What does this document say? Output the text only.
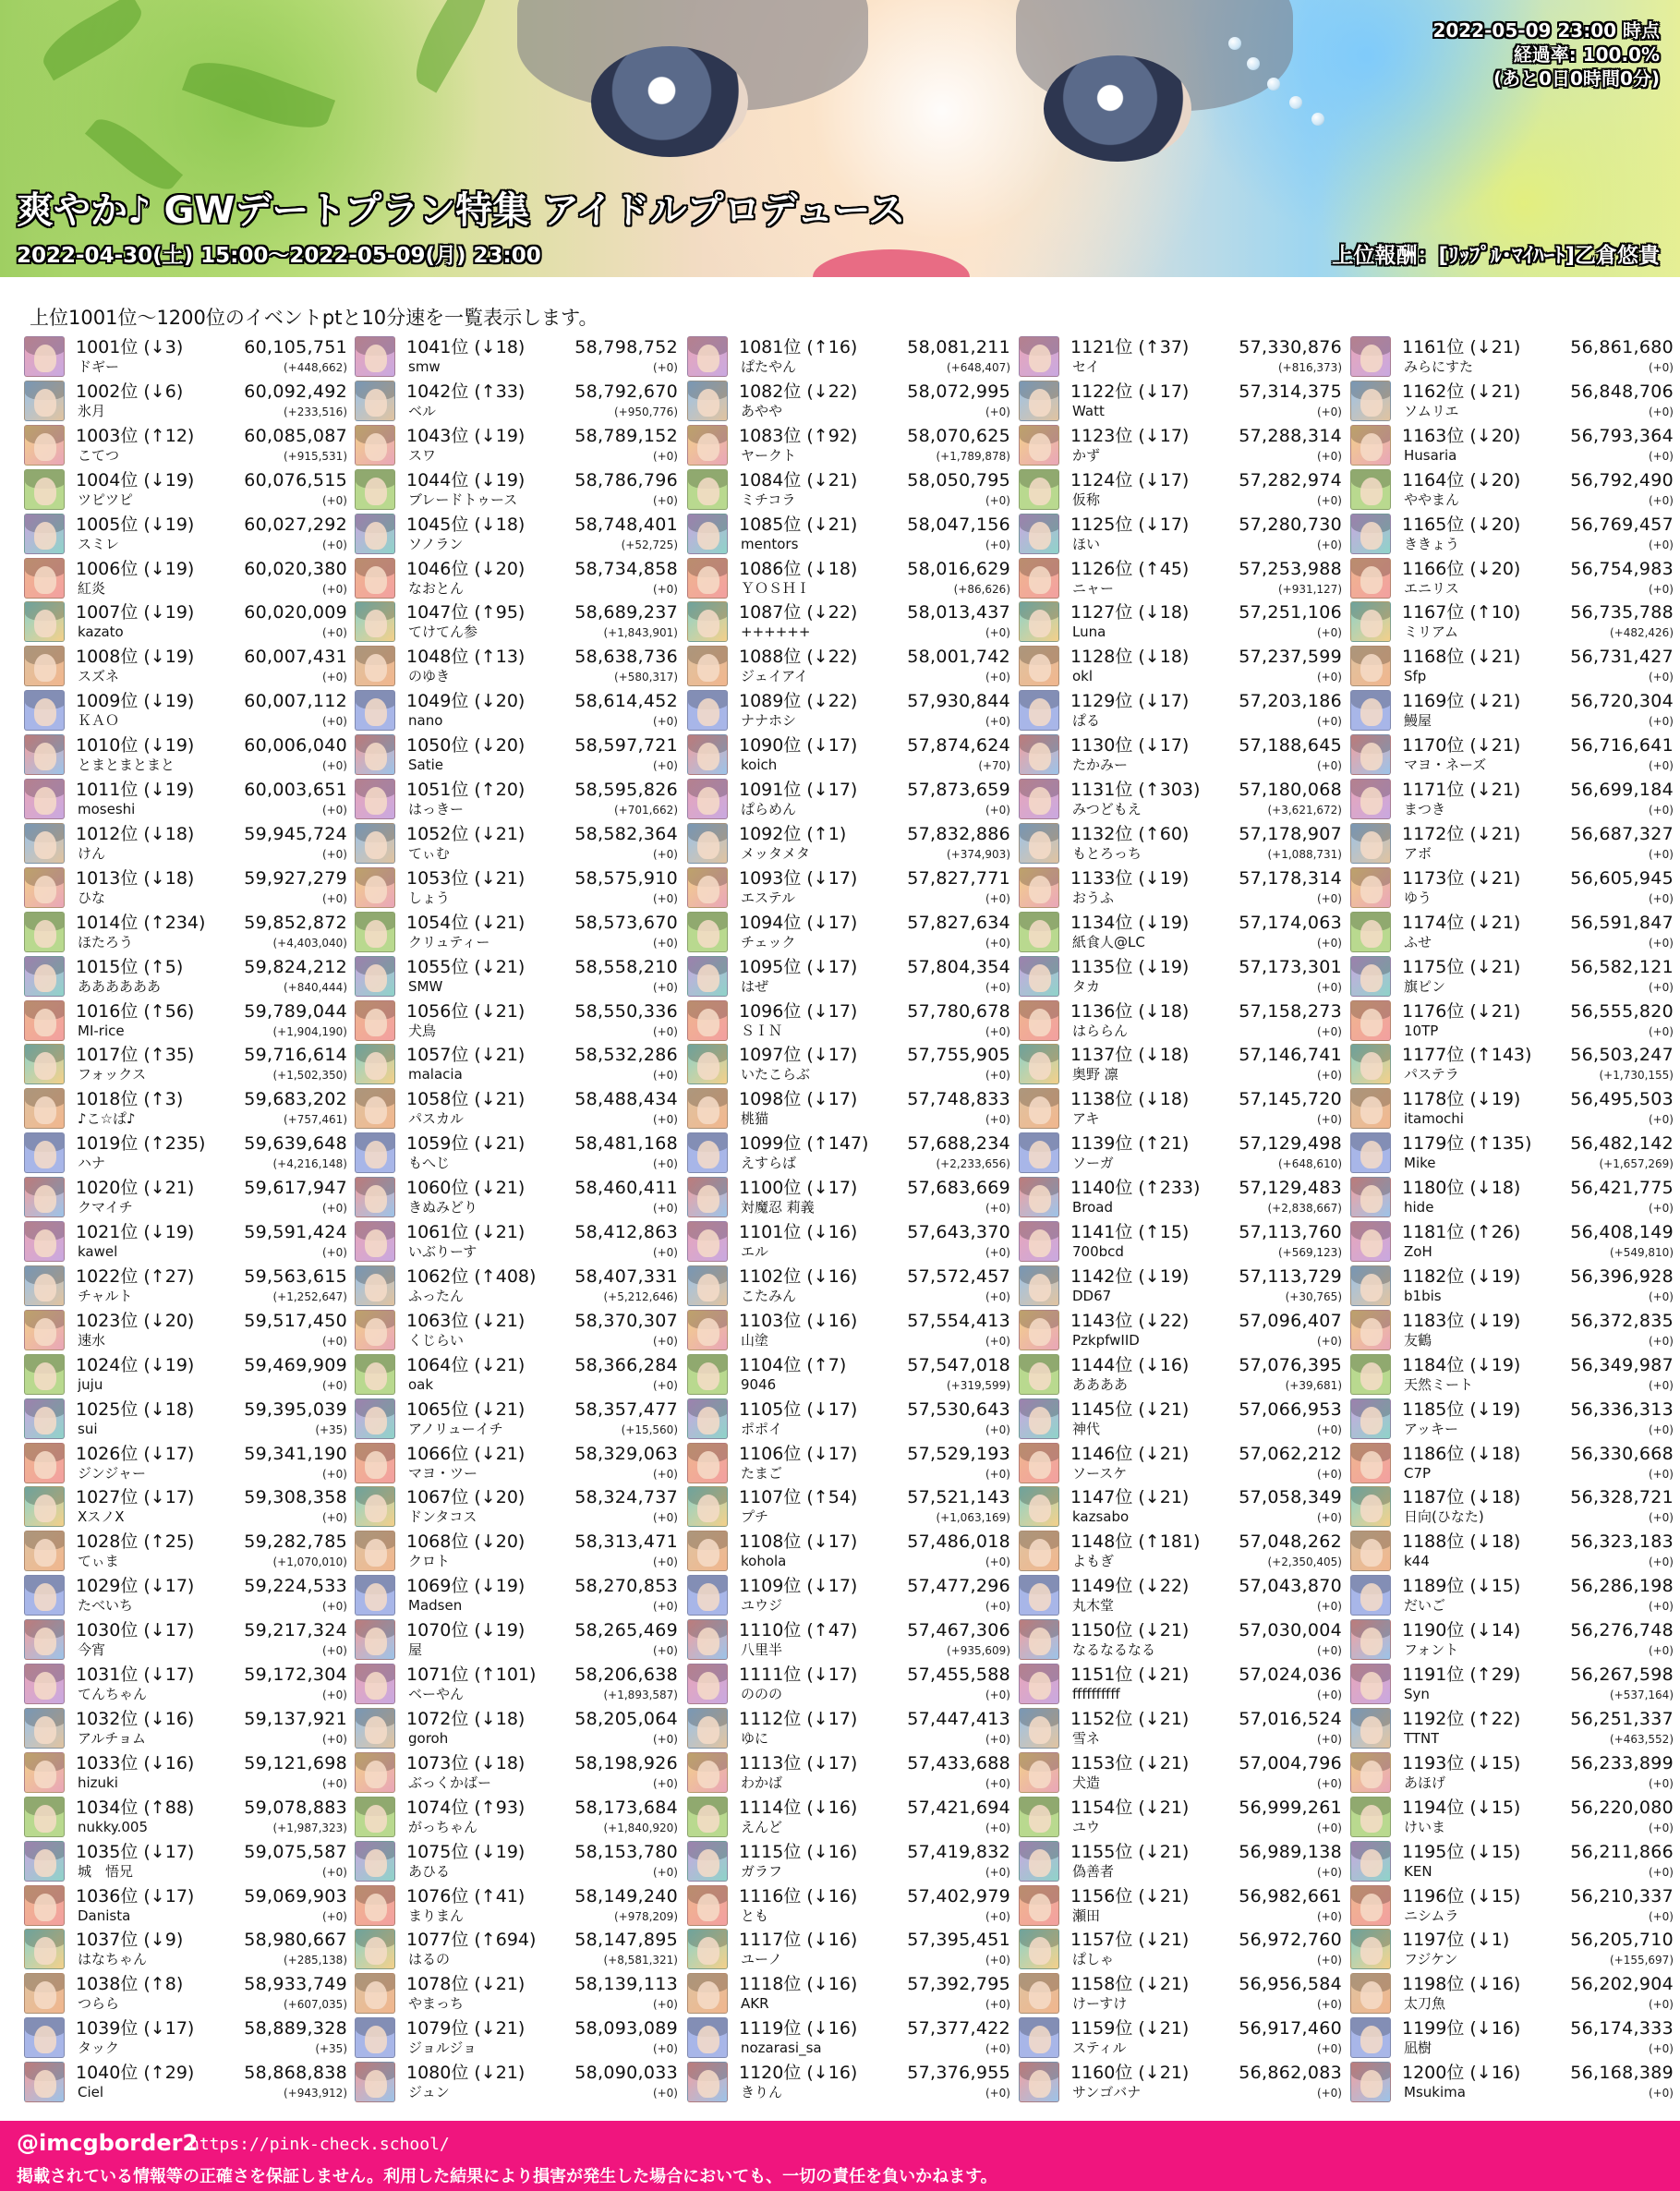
2022-05-09 23:00 時点
経過率: 100.0%
(あと0日0時間0分)
爽やか♪ GWデートプラン特集 アイドルプロデュース
2022-04-30(土) 15:00～2022-05-09(月) 23:00	上位報酬：[ﾘｯﾌﾟﾙ･ﾏｲﾊｰﾄ]乙倉悠貴
上位1001位～1200位のイベントptと10分速を一覧表示します。
1001位 (↓3)	60,105,751
ドギー	(+448,662)
1002位 (↓6)	60,092,492
氷月	(+233,516)
1003位 (↑12)	60,085,087
こてつ	(+915,531)
1004位 (↓19)	60,076,515
ツピツピ	(+0)
1005位 (↓19)	60,027,292
スミレ	(+0)
1006位 (↓19)	60,020,380
紅炎	(+0)
1007位 (↓19)	60,020,009
kazato	(+0)
1008位 (↓19)	60,007,431
スズネ	(+0)
1009位 (↓19)	60,007,112
ＫＡＯ	(+0)
1010位 (↓19)	60,006,040
とまとまとまと	(+0)
1011位 (↓19)	60,003,651
moseshi	(+0)
1012位 (↓18)	59,945,724
けん	(+0)
1013位 (↓18)	59,927,279
ひな	(+0)
1014位 (↑234) 59,852,872
ほたろう	(+4,403,040)
1015位 (↑5)	59,824,212
ああああああ	(+840,444)
1016位 (↑56)	59,789,044
MI-rice	(+1,904,190)
1017位 (↑35)	59,716,614
フォックス	(+1,502,350)
1018位 (↑3)	59,683,202
♪こ☆ぱ♪	(+757,461)
1019位 (↑235) 59,639,648
ハナ	(+4,216,148)
1020位 (↓21)	59,617,947
クマイチ	(+0)
1021位 (↓19)	59,591,424
kawel	(+0)
1022位 (↑27)	59,563,615
チャルト	(+1,252,647)
1023位 (↓20)	59,517,450
速水	(+0)
1024位 (↓19)	59,469,909
juju	(+0)
1025位 (↓18)	59,395,039
sui	(+35)
1026位 (↓17)	59,341,190
ジンジャー	(+0)
1027位 (↓17)	59,308,358
XスノX	(+0)
1028位 (↑25)	59,282,785
てぃま	(+1,070,010)
1029位 (↓17)	59,224,533
たべいち	(+0)
1030位 (↓17)	59,217,324
今宵	(+0)
1031位 (↓17)	59,172,304
てんちゃん	(+0)
1032位 (↓16)	59,137,921
アルチョム	(+0)
1033位 (↓16)	59,121,698
hizuki	(+0)
1034位 (↑88)	59,078,883
nukky.005	(+1,987,323)
1035位 (↓17)	59,075,587
城　悟兄	(+0)
1036位 (↓17)	59,069,903
Danista	(+0)
1037位 (↓9)	58,980,667
はなちゃん	(+285,138)
1038位 (↑8)	58,933,749
つらら	(+607,035)
1039位 (↓17)	58,889,328
タック	(+35)
1040位 (↑29)	58,868,838
Ciel	(+943,912)
1041位 (↓18)	58,798,752
smw	(+0)
1042位 (↑33)	58,792,670
ベル	(+950,776)
1043位 (↓19)	58,789,152
スワ	(+0)
1044位 (↓19)	58,786,796
ブレードトゥース	(+0)
1045位 (↓18)	58,748,401
ソノラン	(+52,725)
1046位 (↓20)	58,734,858
なおとん	(+0)
1047位 (↑95)	58,689,237
てけてん参	(+1,843,901)
1048位 (↑13)	58,638,736
のゆき	(+580,317)
1049位 (↓20)	58,614,452
nano	(+0)
1050位 (↓20)	58,597,721
Satie	(+0)
1051位 (↑20)	58,595,826
はっきー	(+701,662)
1052位 (↓21)	58,582,364
てぃむ	(+0)
1053位 (↓21)	58,575,910
しょう	(+0)
1054位 (↓21)	58,573,670
クリュティー	(+0)
1055位 (↓21)	58,558,210
SMW	(+0)
1056位 (↓21)	58,550,336
犬鳥	(+0)
1057位 (↓21)	58,532,286
malacia	(+0)
1058位 (↓21)	58,488,434
パスカル	(+0)
1059位 (↓21)	58,481,168
もへじ	(+0)
1060位 (↓21)	58,460,411
きぬみどり	(+0)
1061位 (↓21)	58,412,863
いぶりーす	(+0)
1062位 (↑408) 58,407,331
ふったん	(+5,212,646)
1063位 (↓21)	58,370,307
くじらい	(+0)
1064位 (↓21)	58,366,284
oak	(+0)
1065位 (↓21)	58,357,477
アノリューイチ	(+15,560)
1066位 (↓21)	58,329,063
マヨ・ツー	(+0)
1067位 (↓20)	58,324,737
ドンタコス	(+0)
1068位 (↓20)	58,313,471
クロト	(+0)
1069位 (↓19)	58,270,853
Madsen	(+0)
1070位 (↓19)	58,265,469
屋	(+0)
1071位 (↑101) 58,206,638
ベーやん	(+1,893,587)
1072位 (↓18)	58,205,064
goroh	(+0)
1073位 (↓18)	58,198,926
ぶっくかばー	(+0)
1074位 (↑93)	58,173,684
がっちゃん	(+1,840,920)
1075位 (↓19)	58,153,780
あひる	(+0)
1076位 (↑41)	58,149,240
まりまん	(+978,209)
1077位 (↑694) 58,147,895
はるの	(+8,581,321)
1078位 (↓21)	58,139,113
やまっち	(+0)
1079位 (↓21)	58,093,089
ジョルジョ	(+0)
1080位 (↓21)	58,090,033
ジュン	(+0)
1081位 (↑16)	58,081,211
ぱたやん	(+648,407)
1082位 (↓22)	58,072,995
あやや	(+0)
1083位 (↑92)	58,070,625
ヤークト	(+1,789,878)
1084位 (↓21)	58,050,795
ミチコラ	(+0)
1085位 (↓21)	58,047,156
mentors	(+0)
1086位 (↓18)	58,016,629
ＹＯＳＨＩ	(+86,626)
1087位 (↓22)	58,013,437
++++++	(+0)
1088位 (↓22)	58,001,742
ジェイアイ	(+0)
1089位 (↓22)	57,930,844
ナナホシ	(+0)
1090位 (↓17)	57,874,624
koich	(+70)
1091位 (↓17)	57,873,659
ぱらめん	(+0)
1092位 (↑1)	57,832,886
メッタメタ	(+374,903)
1093位 (↓17)	57,827,771
エステル	(+0)
1094位 (↓17)	57,827,634
チェック	(+0)
1095位 (↓17)	57,804,354
はぜ	(+0)
1096位 (↓17)	57,780,678
ＳＩＮ	(+0)
1097位 (↓17)	57,755,905
いたこらぶ	(+0)
1098位 (↓17)	57,748,833
桃猫	(+0)
1099位 (↑147) 57,688,234
えすらば	(+2,233,656)
1100位 (↓17)	57,683,669
対魔忍 莉義	(+0)
1101位 (↓16)	57,643,370
エル	(+0)
1102位 (↓16)	57,572,457
こたみん	(+0)
1103位 (↓16)	57,554,413
山塗	(+0)
1104位 (↑7)	57,547,018
9046	(+319,599)
1105位 (↓17)	57,530,643
ポポイ	(+0)
1106位 (↓17)	57,529,193
たまご	(+0)
1107位 (↑54)	57,521,143
プチ	(+1,063,169)
1108位 (↓17)	57,486,018
kohola	(+0)
1109位 (↓17)	57,477,296
ユウジ	(+0)
1110位 (↑47)	57,467,306
八里半	(+935,609)
1111位 (↓17)	57,455,588
ののの	(+0)
1112位 (↓17)	57,447,413
ゆに	(+0)
1113位 (↓17)	57,433,688
わかば	(+0)
1114位 (↓16)	57,421,694
えんど	(+0)
1115位 (↓16)	57,419,832
ガラフ	(+0)
1116位 (↓16)	57,402,979
とも	(+0)
1117位 (↓16)	57,395,451
ユーノ	(+0)
1118位 (↓16)	57,392,795
AKR	(+0)
1119位 (↓16)	57,377,422
nozarasi_sa	(+0)
1120位 (↓16)	57,376,955
きりん	(+0)
1121位 (↑37)	57,330,876
セイ	(+816,373)
1122位 (↓17)	57,314,375
Watt	(+0)
1123位 (↓17)	57,288,314
かず	(+0)
1124位 (↓17)	57,282,974
仮称	(+0)
1125位 (↓17)	57,280,730
ほい	(+0)
1126位 (↑45)	57,253,988
ニャー	(+931,127)
1127位 (↓18)	57,251,106
Luna	(+0)
1128位 (↓18)	57,237,599
okl	(+0)
1129位 (↓17)	57,203,186
ぱる	(+0)
1130位 (↓17)	57,188,645
たかみー	(+0)
1131位 (↑303) 57,180,068
みつどもえ	(+3,621,672)
1132位 (↑60)	57,178,907
もとろっち	(+1,088,731)
1133位 (↓19)	57,178,314
おうふ	(+0)
1134位 (↓19)	57,174,063
紙食人@LC	(+0)
1135位 (↓19)	57,173,301
タカ	(+0)
1136位 (↓18)	57,158,273
はららん	(+0)
1137位 (↓18)	57,146,741
奥野 凛	(+0)
1138位 (↓18)	57,145,720
アキ	(+0)
1139位 (↑21)	57,129,498
ソーガ	(+648,610)
1140位 (↑233) 57,129,483
Broad	(+2,838,667)
1141位 (↑15)	57,113,760
700bcd	(+569,123)
1142位 (↓19)	57,113,729
DD67	(+30,765)
1143位 (↓22)	57,096,407
PzkpfwIID	(+0)
1144位 (↓16)	57,076,395
ああああ	(+39,681)
1145位 (↓21)	57,066,953
神代	(+0)
1146位 (↓21)	57,062,212
ソースケ	(+0)
1147位 (↓21)	57,058,349
kazsabo	(+0)
1148位 (↑181) 57,048,262
よもぎ	(+2,350,405)
1149位 (↓22)	57,043,870
丸木堂	(+0)
1150位 (↓21)	57,030,004
なるなるなる	(+0)
1151位 (↓21)	57,024,036
ffffffffff	(+0)
1152位 (↓21)	57,016,524
雪ネ	(+0)
1153位 (↓21)	57,004,796
犬造	(+0)
1154位 (↓21)	56,999,261
ユウ	(+0)
1155位 (↓21)	56,989,138
偽善者	(+0)
1156位 (↓21)	56,982,661
瀬田	(+0)
1157位 (↓21)	56,972,760
ぱしゃ	(+0)
1158位 (↓21)	56,956,584
けーすけ	(+0)
1159位 (↓21)	56,917,460
スティル	(+0)
1160位 (↓21)	56,862,083
サンゴバナ	(+0)
1161位 (↓21)	56,861,680
みらにすた	(+0)
1162位 (↓21)	56,848,706
ソムリエ	(+0)
1163位 (↓20)	56,793,364
Husaria	(+0)
1164位 (↓20)	56,792,490
ややまん	(+0)
1165位 (↓20)	56,769,457
ききょう	(+0)
1166位 (↓20)	56,754,983
エニリス	(+0)
1167位 (↑10)	56,735,788
ミリアム	(+482,426)
1168位 (↓21)	56,731,427
Sfp	(+0)
1169位 (↓21)	56,720,304
鰻屋	(+0)
1170位 (↓21)	56,716,641
マヨ・ネーズ	(+0)
1171位 (↓21)	56,699,184
まつき	(+0)
1172位 (↓21)	56,687,327
アボ	(+0)
1173位 (↓21)	56,605,945
ゆう	(+0)
1174位 (↓21)	56,591,847
ふせ	(+0)
1175位 (↓21)	56,582,121
旗ピン	(+0)
1176位 (↓21)	56,555,820
10TP	(+0)
1177位 (↑143) 56,503,247
パステラ	(+1,730,155)
1178位 (↓19)	56,495,503
itamochi	(+0)
1179位 (↑135) 56,482,142
Mike	(+1,657,269)
1180位 (↓18)	56,421,775
hide	(+0)
1181位 (↑26)	56,408,149
ZoH	(+549,810)
1182位 (↓19)	56,396,928
b1bis	(+0)
1183位 (↓19)	56,372,835
友鶴	(+0)
1184位 (↓19)	56,349,987
天然ミート	(+0)
1185位 (↓19)	56,336,313
アッキー	(+0)
1186位 (↓18)	56,330,668
C7P	(+0)
1187位 (↓18)	56,328,721
日向(ひなた)	(+0)
1188位 (↓18)	56,323,183
k44	(+0)
1189位 (↓15)	56,286,198
だいご	(+0)
1190位 (↓14)	56,276,748
フォント	(+0)
1191位 (↑29)	56,267,598
Syn	(+537,164)
1192位 (↑22)	56,251,337
TTNT	(+463,552)
1193位 (↓15)	56,233,899
あほげ	(+0)
1194位 (↓15)	56,220,080
けいま	(+0)
1195位 (↓15)	56,211,866
KEN	(+0)
1196位 (↓15)	56,210,337
ニシムラ	(+0)
1197位 (↓1)	56,205,710
フジケン	(+155,697)
1198位 (↓16)	56,202,904
太刀魚	(+0)
1199位 (↓16)	56,174,333
凪樹	(+0)
1200位 (↓16)	56,168,389
Msukima	(+0)
@imcgborder2
https://pink-check.school/
掲載されている情報等の正確さを保証しません。利用した結果により損害が発生した場合においても、一切の責任を負いかねます。
